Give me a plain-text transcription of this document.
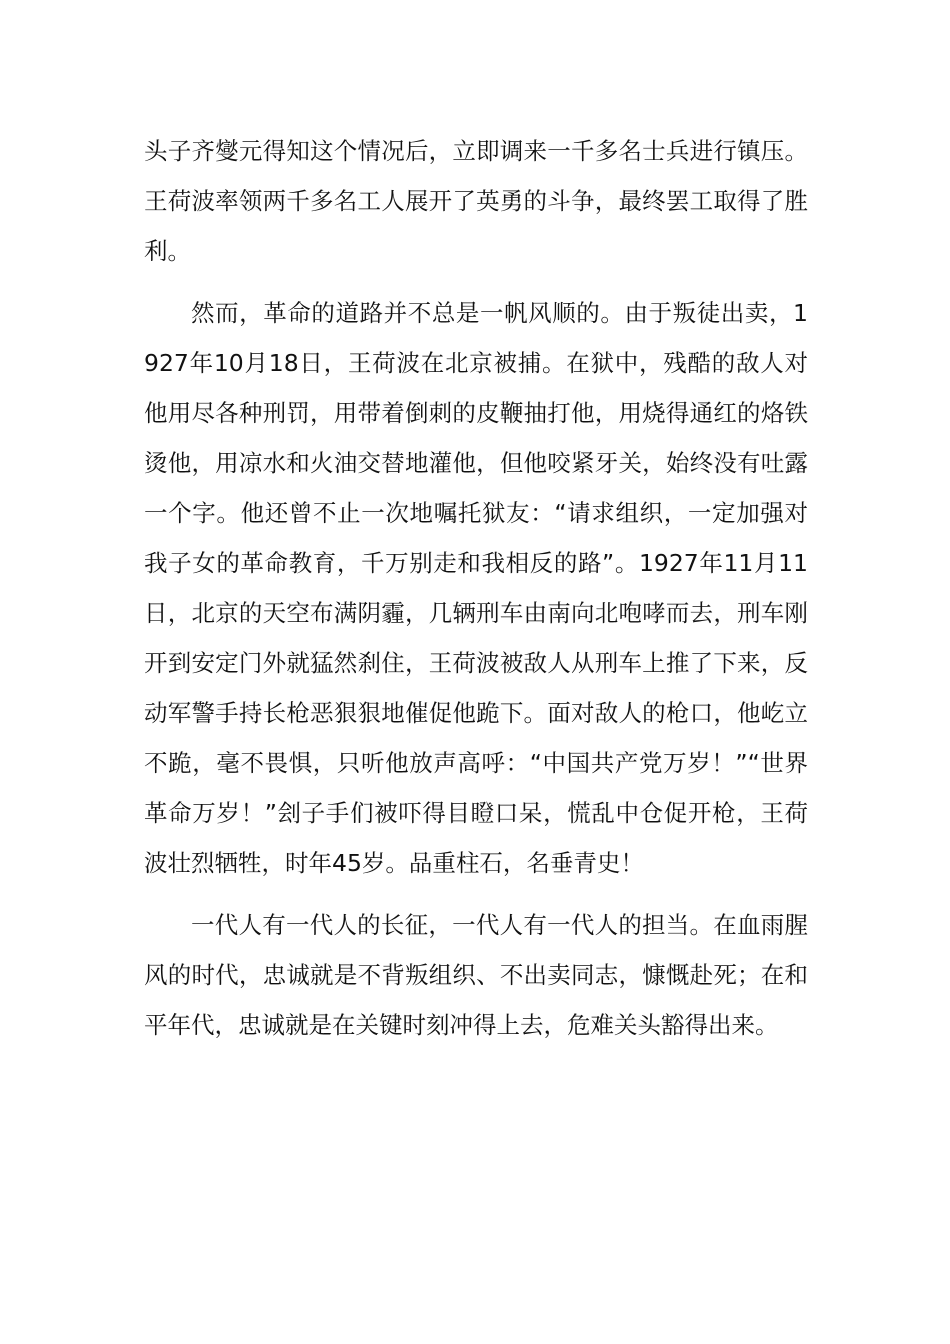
头子齐燮元得知这个情况后，立即调来一千多名士兵进行镇压。王荷波率领两千多名工人展开了英勇的斗争，最终罢工取得了胜利。

然而，革命的道路并不总是一帆风顺的。由于叛徒出卖，1927年10月18日，王荷波在北京被捕。在狱中，残酷的敌人对他用尽各种刑罚，用带着倒刺的皮鞭抽打他，用烧得通红的烙铁烫他，用凉水和火油交替地灌他，但他咬紧牙关，始终没有吐露一个字。他还曾不止一次地嘱托狱友：“请求组织，一定加强对我子女的革命教育，千万别走和我相反的路”。1927年11月11日，北京的天空布满阴霾，几辆刑车由南向北咆哮而去，刑车刚开到安定门外就猛然刹住，王荷波被敌人从刑车上推了下来，反动军警手持长枪恶狠狠地催促他跪下。面对敌人的枪口，他屹立不跪，毫不畏惧，只听他放声高呼：“中国共产党万岁！”“世界革命万岁！”刽子手们被吓得目瞪口呆，慌乱中仓促开枪，王荷波壮烈牺牲，时年45岁。品重柱石，名垂青史！

一代人有一代人的长征，一代人有一代人的担当。在血雨腥风的时代，忠诚就是不背叛组织、不出卖同志，慷慨赴死；在和平年代，忠诚就是在关键时刻冲得上去，危难关头豁得出来。
